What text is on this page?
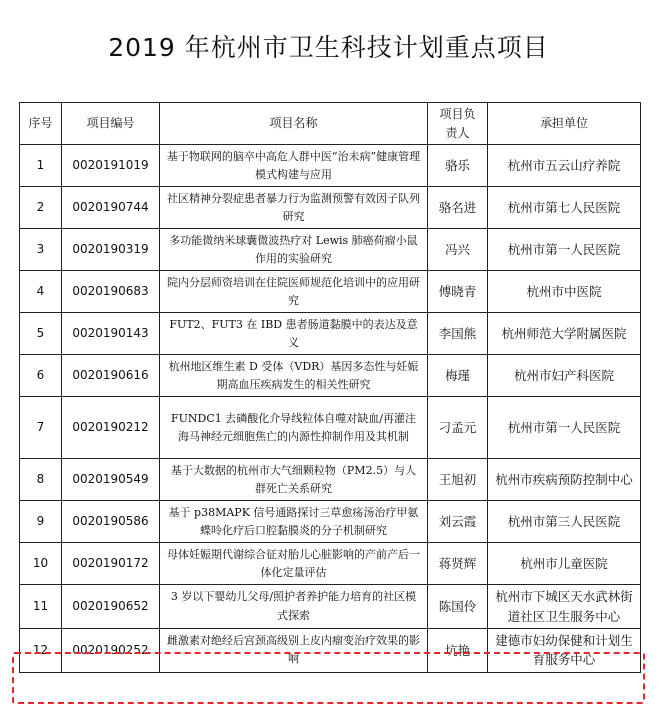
2019 年杭州市卫生科技计划重点项目
序号	项目编号	项目名称	项目负责人	承担单位
1	0020191019	基于物联网的脑卒中高危人群中医“治未病”健康管理模式构建与应用	骆乐	杭州市五云山疗养院
2	0020190744	社区精神分裂症患者暴力行为监测预警有效因子队列研究	骆名进	杭州市第七人民医院
3	0020190319	多功能微纳米球囊微波热疗对 Lewis 肺癌荷瘤小鼠作用的实验研究	冯兴	杭州市第一人民医院
4	0020190683	院内分层师资培训在住院医师规范化培训中的应用研究	傅晓青	杭州市中医院
5	0020190143	FUT2、FUT3 在 IBD 患者肠道黏膜中的表达及意义	李国熊	杭州师范大学附属医院
6	0020190616	杭州地区维生素 D 受体（VDR）基因多态性与妊娠期高血压疾病发生的相关性研究	梅瑾	杭州市妇产科医院
7	0020190212	FUNDC1 去磷酸化介导线粒体自噬对缺血/再灌注海马神经元细胞焦亡的内源性抑制作用及其机制	刁孟元	杭州市第一人民医院
8	0020190549	基于大数据的杭州市大气细颗粒物（PM2.5）与人群死亡关系研究	王旭初	杭州市疾病预防控制中心
9	0020190586	基于 p38MAPK 信号通路探讨三草愈疡汤治疗甲氨蝶呤化疗后口腔黏膜炎的分子机制研究	刘云霞	杭州市第三人民医院
10	0020190172	母体妊娠期代谢综合征对胎儿心脏影响的产前产后一体化定量评估	蒋贤辉	杭州市儿童医院
11	0020190652	3 岁以下婴幼儿父母/照护者养护能力培育的社区模式探索	陈国伶	杭州市下城区天水武林街道社区卫生服务中心
12	0020190252	雌激素对绝经后宫颈高级别上皮内瘤变治疗效果的影响	坑艳	建德市妇幼保健和计划生育服务中心
